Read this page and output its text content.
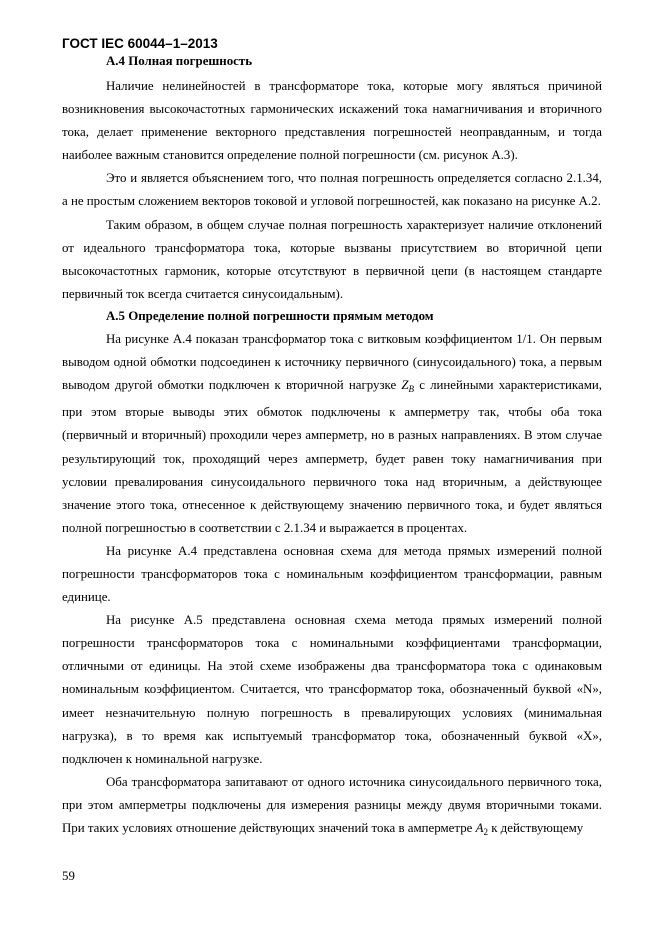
ГОСТ IEC 60044–1–2013
А.4 Полная погрешность

Наличие нелинейностей в трансформаторе тока, которые могу являться причиной возникновения высокочастотных гармонических искажений тока намагничивания и вторичного тока, делает применение векторного представления погрешностей неоправданным, и тогда наиболее важным становится определение полной погрешности (см. рисунок А.3).

Это и является объяснением того, что полная погрешность определяется согласно 2.1.34, а не простым сложением векторов токовой и угловой погрешностей, как показано на рисунке А.2.

Таким образом, в общем случае полная погрешность характеризует наличие отклонений от идеального трансформатора тока, которые вызваны присутствием во вторичной цепи высокочастотных гармоник, которые отсутствуют в первичной цепи (в настоящем стандарте первичный ток всегда считается синусоидальным).

А.5 Определение полной погрешности прямым методом

На рисунке А.4 показан трансформатор тока с витковым коэффициентом 1/1. Он первым выводом одной обмотки подсоединен к источнику первичного (синусоидального) тока, а первым выводом другой обмотки подключен к вторичной нагрузке $Z_B$ с линейными характеристиками, при этом вторые выводы этих обмоток подключены к амперметру так, чтобы оба тока (первичный и вторичный) проходили через амперметр, но в разных направлениях. В этом случае результирующий ток, проходящий через амперметр, будет равен току намагничивания при условии превалирования синусоидального первичного тока над вторичным, а действующее значение этого тока, отнесенное к действующему значению первичного тока, и будет являться полной погрешностью в соответствии с 2.1.34 и выражается в процентах.

На рисунке А.4 представлена основная схема для метода прямых измерений полной погрешности трансформаторов тока с номинальным коэффициентом трансформации, равным единице.

На рисунке А.5 представлена основная схема метода прямых измерений полной погрешности трансформаторов тока с номинальными коэффициентами трансформации, отличными от единицы. На этой схеме изображены два трансформатора тока с одинаковым номинальным коэффициентом. Считается, что трансформатор тока, обозначенный буквой «N», имеет незначительную полную погрешность в превалирующих условиях (минимальная нагрузка), в то время как испытуемый трансформатор тока, обозначенный буквой «X», подключен к номинальной нагрузке.

Оба трансформатора запитавают от одного источника синусоидального первичного тока, при этом амперметры подключены для измерения разницы между двумя вторичными токами. При таких условиях отношение действующих значений тока в амперметре $A_2$ к действующему

59
